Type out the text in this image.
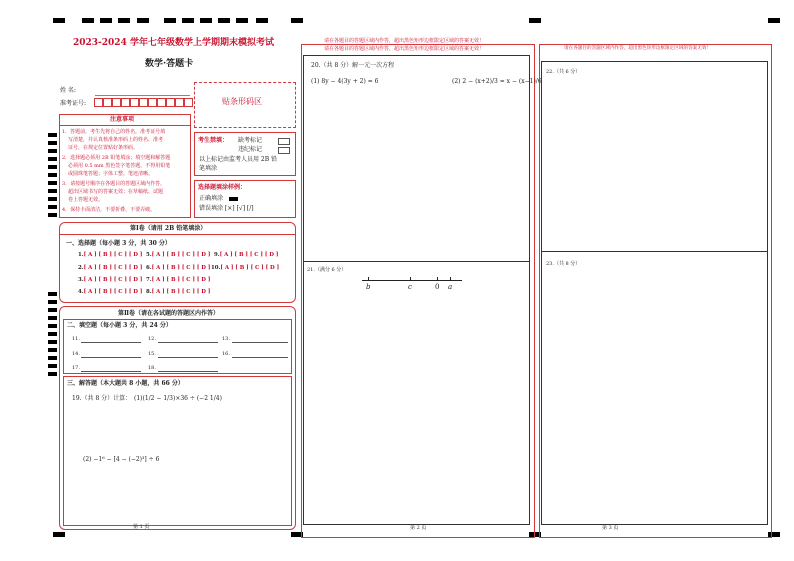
2023-2024 学年七年级数学上学期期末模拟考试
数学·答题卡
姓 名:
准考证号:	贴条形码区
注意事项
1．答题前，考生先将自己的姓名，准考证号填
写清楚，并认真核准条形码上的姓名、准考
证号，在规定位置贴好条形码。
2．选择题必须用 2B 铅笔填涂；填空题和解答题
必须用 0.5 mm 黑色签字笔答题，不得用铅笔
或圆珠笔答题；字体工整、笔迹清晰。
3．请按题号顺序在各题目的答题区域内作答，
超出区域书写的答案无效；在草稿纸、试题
卷上答题无效。
4．保持卡面清洁，不要折叠、不要弄破。
考生禁填： 缺考标记
违纪标记
以上标记由监考人员用 2B 铅
笔填涂
选择题填涂样例：
正确填涂
错误填涂 [×] [√] [/]
第Ⅰ卷（请用 2B 铅笔填涂）
一、选择题（每小题 3 分，共 30 分）
1.[ A ] [ B ] [ C ] [ D ]
2.[ A ] [ B ] [ C ] [ D ]
3.[ A ] [ B ] [ C ] [ D ]
4.[ A ] [ B ] [ C ] [ D ]
5.[ A ] [ B ] [ C ] [ D ]
6.[ A ] [ B ] [ C ] [ D ]
7.[ A ] [ B ] [ C ] [ D ]
8.[ A ] [ B ] [ C ] [ D ]
9.[ A ] [ B ] [ C ] [ D ]
10.[ A ] [ B ] [ C ] [ D ]
第Ⅱ卷（请在各试题的答题区内作答）
二、填空题（每小题 3 分，共 24 分）
11.	12.	13.
14.	15.	16.
17.	18.
三、解答题（本大题共 8 小题，共 66 分）
19.（共 8 分）计算： (1)(1/2 − 1/3)×36 ÷ (−2 1/4)
(2) −1⁶ − [4 − (−2)³] ÷ 6
第 1 页
请在各题目的答题区域内作答，超出黑色矩形边框限定区域的答案无效！
请在各题目的答题区域内作答，超出黑色矩形边框限定区域的答案无效！
20.（共 8 分）解一元一次方程
(1) 8y − 4(3y + 2) = 6	(2) 2 − (x+2)/3 = x − (x−1)/6
21.（满分 6 分）
b	c	0 a
第 2 页
请在各题目的答题区域内作答，超出黑色矩形边框限定区域的答案无效！
22.（共 6 分）
23.（共 8 分）
第 3 页
